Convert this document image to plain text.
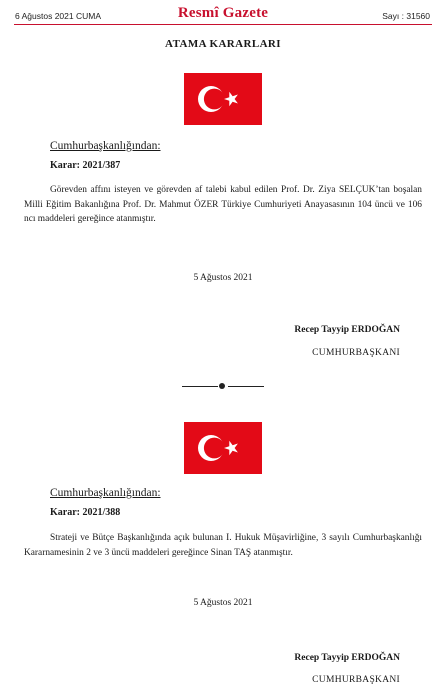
6 Ağustos 2021 CUMA	Resmî Gazete	Sayı : 31560
ATAMA KARARLARI
Cumhurbaşkanlığından:
Karar: 2021/387
Görevden affını isteyen ve görevden af talebi kabul edilen Prof. Dr. Ziya SELÇUK’tan boşalan Milli Eğitim Bakanlığına Prof. Dr. Mahmut ÖZER Türkiye Cumhuriyeti Anayasasının 104 üncü ve 106 ncı maddeleri gereğince atanmıştır.
5 Ağustos 2021
Recep Tayyip ERDOĞAN
CUMHURBAŞKANI
Cumhurbaşkanlığından:
Karar: 2021/388
Strateji ve Bütçe Başkanlığında açık bulunan I. Hukuk Müşavirliğine, 3 sayılı Cumhurbaşkanlığı Kararnamesinin 2 ve 3 üncü maddeleri gereğince Sinan TAŞ atanmıştır.
5 Ağustos 2021
Recep Tayyip ERDOĞAN
CUMHURBAŞKANI
